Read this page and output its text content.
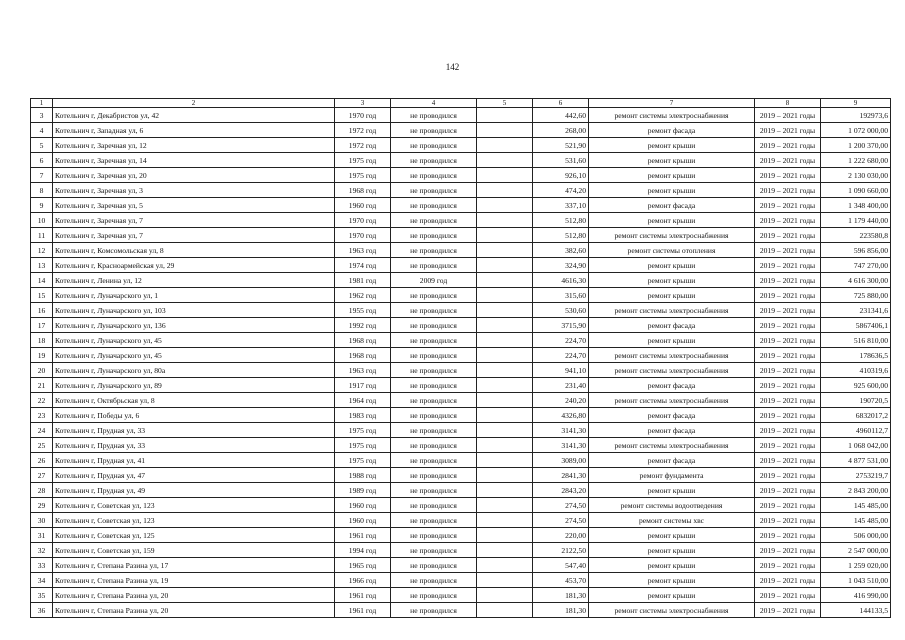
142
1	2	3	4	5	6	7	8	9
3	Котельнич г, Декабристов ул, 42	1970 год	не проводился		442,60	ремонт системы электроснабжения	2019 – 2021 годы	192973,6
4	Котельнич г, Западная ул, 6	1972 год	не проводился		268,00	ремонт фасада	2019 – 2021 годы	1 072 000,00
5	Котельнич г, Заречная ул, 12	1972 год	не проводился		521,90	ремонт крыши	2019 – 2021 годы	1 200 370,00
6	Котельнич г, Заречная ул, 14	1975 год	не проводился		531,60	ремонт крыши	2019 – 2021 годы	1 222 680,00
7	Котельнич г, Заречная ул, 20	1975 год	не проводился		926,10	ремонт крыши	2019 – 2021 годы	2 130 030,00
8	Котельнич г, Заречная ул, 3	1968 год	не проводился		474,20	ремонт крыши	2019 – 2021 годы	1 090 660,00
9	Котельнич г, Заречная ул, 5	1960 год	не проводился		337,10	ремонт фасада	2019 – 2021 годы	1 348 400,00
10	Котельнич г, Заречная ул, 7	1970 год	не проводился		512,80	ремонт крыши	2019 – 2021 годы	1 179 440,00
11	Котельнич г, Заречная ул, 7	1970 год	не проводился		512,80	ремонт системы электроснабжения	2019 – 2021 годы	223580,8
12	Котельнич г, Комсомольская ул, 8	1963 год	не проводился		382,60	ремонт системы отопления	2019 – 2021 годы	596 856,00
13	Котельнич г, Красноармейская ул, 29	1974 год	не проводился		324,90	ремонт крыши	2019 – 2021 годы	747 270,00
14	Котельнич г, Ленина ул, 12	1981 год	2009 год		4616,30	ремонт крыши	2019 – 2021 годы	4 616 300,00
15	Котельнич г, Луначарского ул, 1	1962 год	не проводился		315,60	ремонт крыши	2019 – 2021 годы	725 880,00
16	Котельнич г, Луначарского ул, 103	1955 год	не проводился		530,60	ремонт системы электроснабжения	2019 – 2021 годы	231341,6
17	Котельнич г, Луначарского ул, 136	1992 год	не проводился		3715,90	ремонт фасада	2019 – 2021 годы	5867406,1
18	Котельнич г, Луначарского ул, 45	1968 год	не проводился		224,70	ремонт крыши	2019 – 2021 годы	516 810,00
19	Котельнич г, Луначарского ул, 45	1968 год	не проводился		224,70	ремонт системы электроснабжения	2019 – 2021 годы	178636,5
20	Котельнич г, Луначарского ул, 80а	1963 год	не проводился		941,10	ремонт системы электроснабжения	2019 – 2021 годы	410319,6
21	Котельнич г, Луначарского ул, 89	1917 год	не проводился		231,40	ремонт фасада	2019 – 2021 годы	925 600,00
22	Котельнич г, Октябрьская ул, 8	1964 год	не проводился		240,20	ремонт системы электроснабжения	2019 – 2021 годы	190720,5
23	Котельнич г, Победы ул, 6	1983 год	не проводился		4326,80	ремонт фасада	2019 – 2021 годы	6832017,2
24	Котельнич г, Прудная ул, 33	1975 год	не проводился		3141,30	ремонт фасада	2019 – 2021 годы	4960112,7
25	Котельнич г, Прудная ул, 33	1975 год	не проводился		3141,30	ремонт системы электроснабжения	2019 – 2021 годы	1 068 042,00
26	Котельнич г, Прудная ул, 41	1975 год	не проводился		3089,00	ремонт фасада	2019 – 2021 годы	4 877 531,00
27	Котельнич г, Прудная ул, 47	1988 год	не проводился		2841,30	ремонт фундамента	2019 – 2021 годы	2753219,7
28	Котельнич г, Прудная ул, 49	1989 год	не проводился		2843,20	ремонт крыши	2019 – 2021 годы	2 843 200,00
29	Котельнич г, Советская ул, 123	1960 год	не проводился		274,50	ремонт системы водоотведения	2019 – 2021 годы	145 485,00
30	Котельнич г, Советская ул, 123	1960 год	не проводился		274,50	ремонт системы хвс	2019 – 2021 годы	145 485,00
31	Котельнич г, Советская ул, 125	1961 год	не проводился		220,00	ремонт крыши	2019 – 2021 годы	506 000,00
32	Котельнич г, Советская ул, 159	1994 год	не проводился		2122,50	ремонт крыши	2019 – 2021 годы	2 547 000,00
33	Котельнич г, Степана Разина ул, 17	1965 год	не проводился		547,40	ремонт крыши	2019 – 2021 годы	1 259 020,00
34	Котельнич г, Степана Разина ул, 19	1966 год	не проводился		453,70	ремонт крыши	2019 – 2021 годы	1 043 510,00
35	Котельнич г, Степана Разина ул, 20	1961 год	не проводился		181,30	ремонт крыши	2019 – 2021 годы	416 990,00
36	Котельнич г, Степана Разина ул, 20	1961 год	не проводился		181,30	ремонт системы электроснабжения	2019 – 2021 годы	144133,5
